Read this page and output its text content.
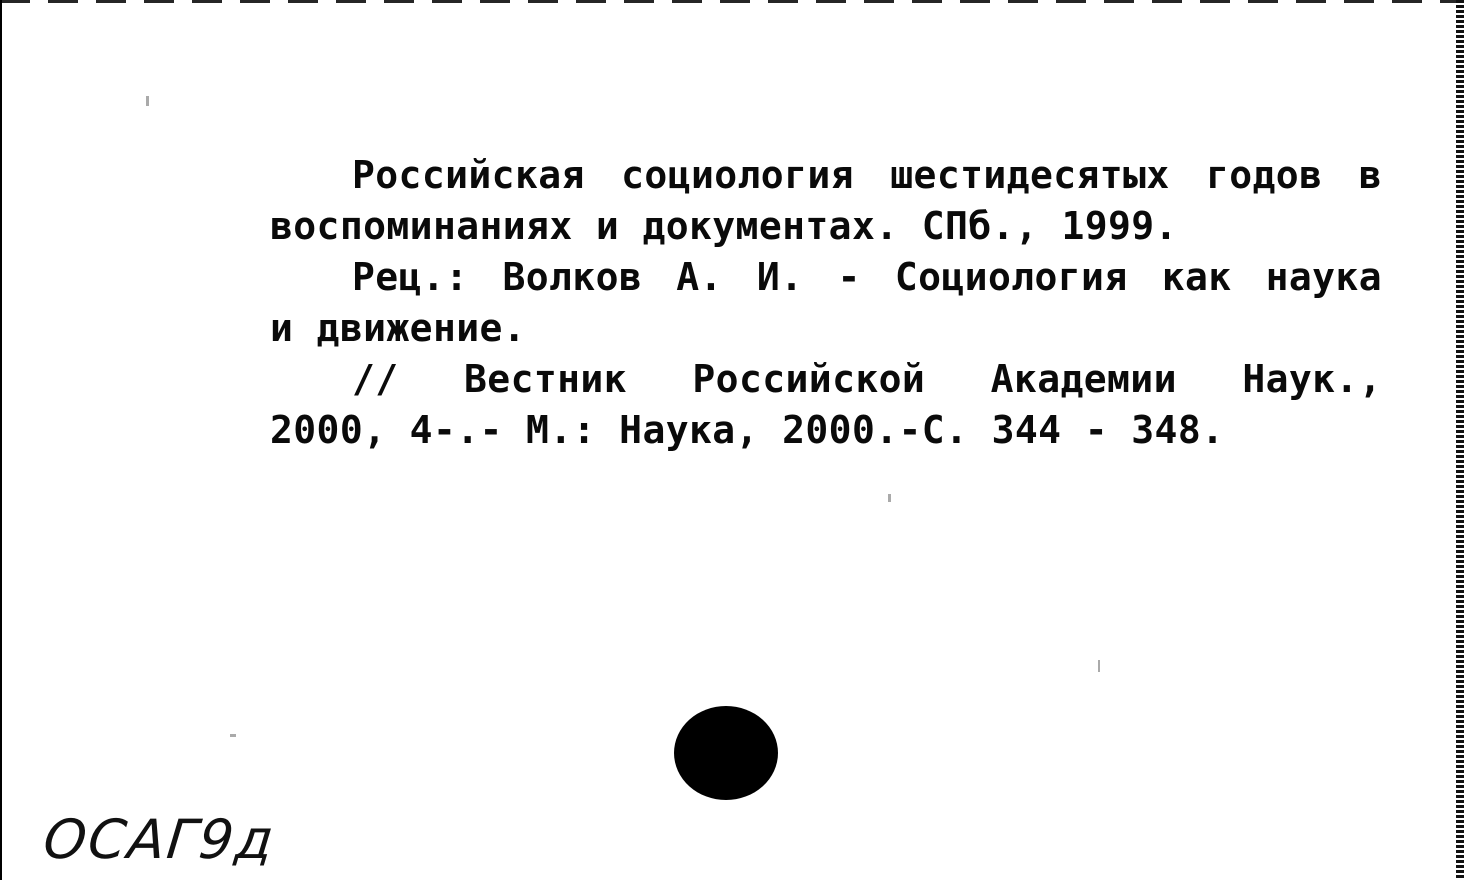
Российская социология шестидесятых годов в
воспоминаниях и документах. СПб., 1999.
Рец.: Волков А. И. - Социология как наука
и движение.
// Вестник Российской Академии Наук.,
2000, 4-.- М.: Наука, 2000.-С. 344 - 348.
ОСАГ9д
